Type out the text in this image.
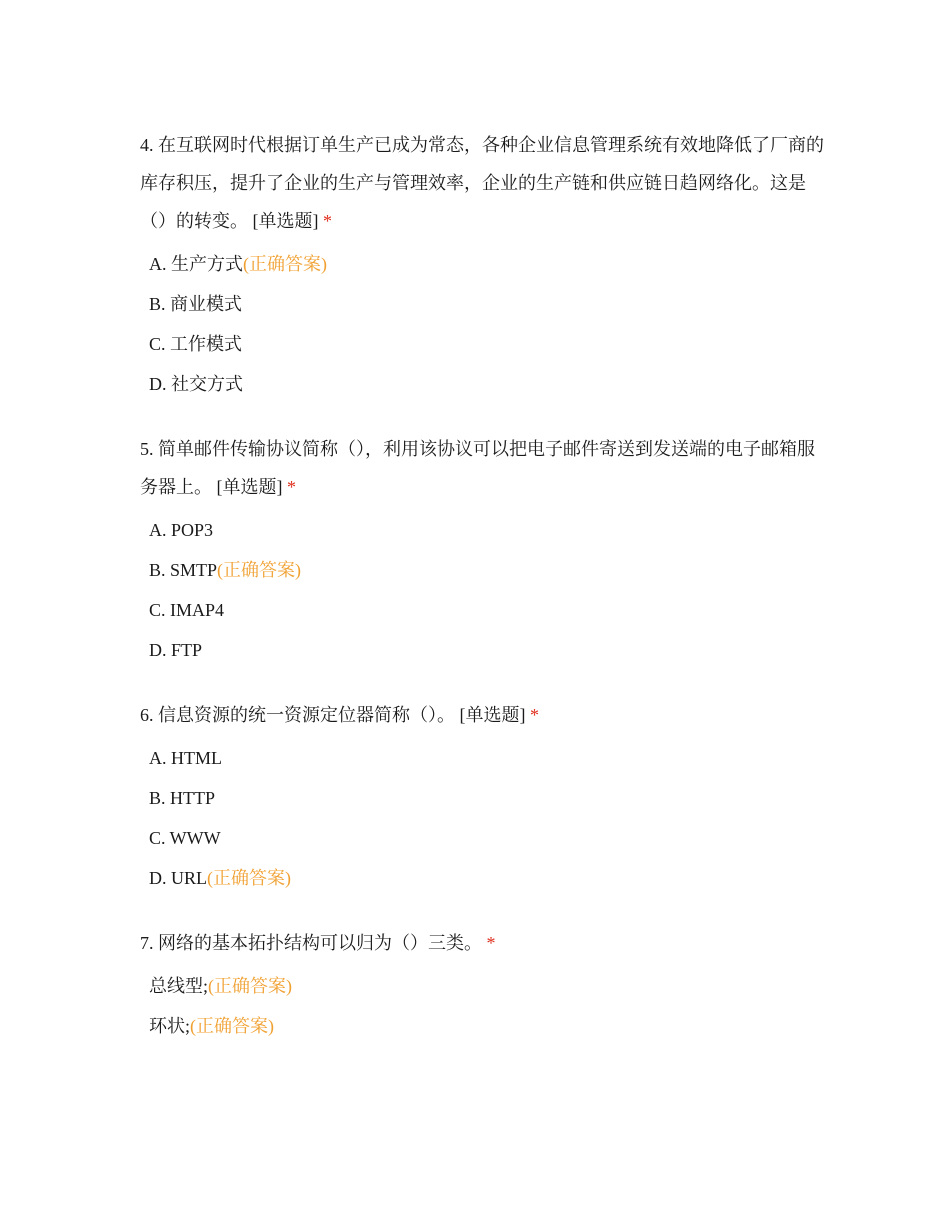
4. 在互联网时代根据订单生产已成为常态，各种企业信息管理系统有效地降低了厂商的库存积压，提升了企业的生产与管理效率，企业的生产链和供应链日趋网络化。这是（）的转变。 [单选题] *

A. 生产方式(正确答案)
B. 商业模式
C. 工作模式
D. 社交方式

5. 简单邮件传输协议简称（），利用该协议可以把电子邮件寄送到发送端的电子邮箱服务器上。 [单选题] *

A. POP3
B. SMTP(正确答案)
C. IMAP4
D. FTP

6. 信息资源的统一资源定位器简称（）。 [单选题] *

A. HTML
B. HTTP
C. WWW
D. URL(正确答案)

7. 网络的基本拓扑结构可以归为（）三类。 *

总线型;(正确答案)
环状;(正确答案)
